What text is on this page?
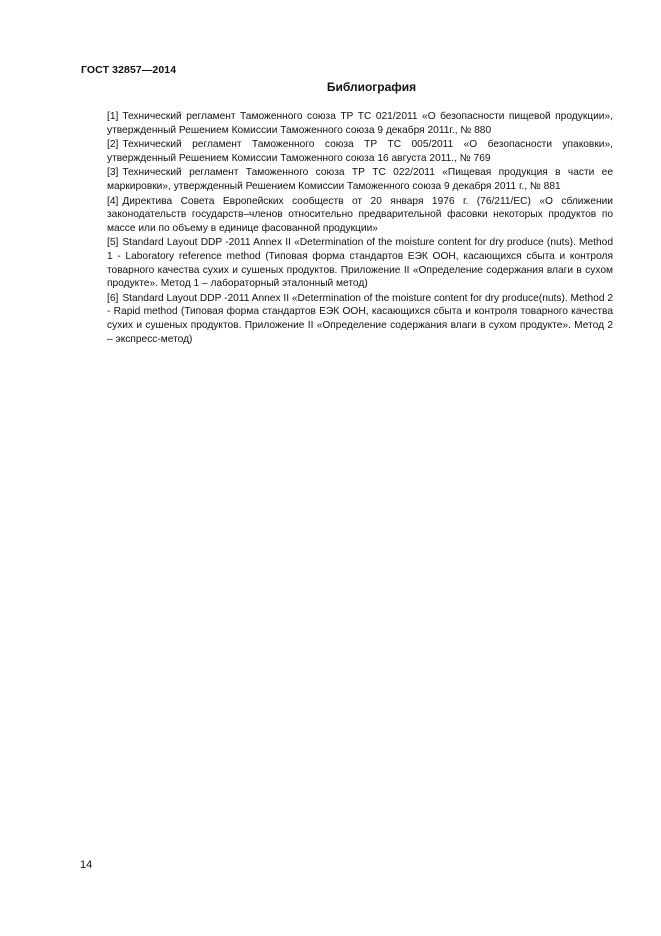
ГОСТ 32857—2014
Библиография

[1] Технический регламент Таможенного союза ТР ТС 021/2011 «О безопасности пищевой продукции», утвержденный Решением Комиссии Таможенного союза 9 декабря 2011г., № 880

[2] Технический регламент Таможенного союза ТР ТС 005/2011 «О безопасности упаковки», утвержденный Решением Комиссии Таможенного союза 16 августа 2011., № 769

[3] Технический регламент Таможенного союза ТР ТС 022/2011 «Пищевая продукция в части ее маркировки», утвержденный Решением Комиссии Таможенного союза 9 декабря 2011 г., № 881

[4] Директива Совета Европейских сообществ от 20 января 1976 г. (76/211/ЕС) «О сближении законодательств государств–членов относительно предварительной фасовки некоторых продуктов по массе или по объему в единице фасованной продукции»

[5] Standard Layout DDP -2011 Annex II «Determination of the moisture content for dry produce (nuts). Method 1 - Laboratory reference method (Типовая форма стандартов ЕЭК ООН, касающихся сбыта и контроля товарного качества сухих и сушеных продуктов. Приложение II «Определение содержания влаги в сухом продукте». Метод 1 – лабораторный эталонный метод)

[6] Standard Layout DDP -2011 Annex II «Determination of the moisture content for dry produce(nuts). Method 2 - Rapid method (Типовая форма стандартов ЕЭК ООН, касающихся сбыта и контроля товарного качества сухих и сушеных продуктов. Приложение II «Определение содержания влаги в сухом продукте». Метод 2 – экспресс-метод)

14
